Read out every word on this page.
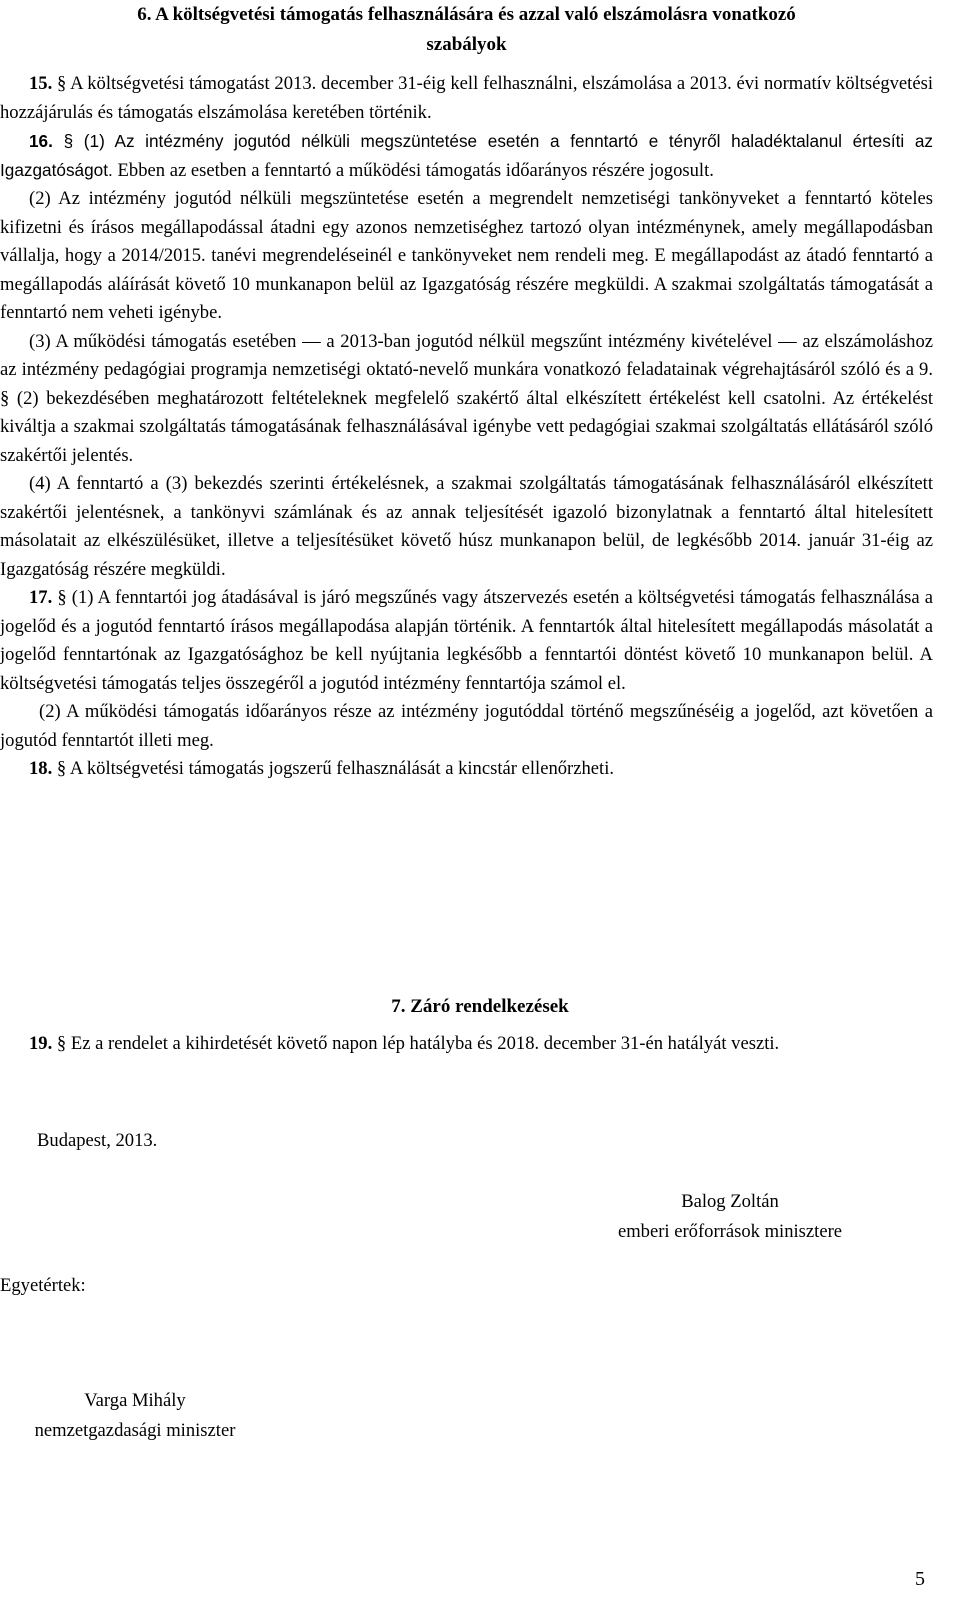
6. A költségvetési támogatás felhasználására és azzal való elszámolásra vonatkozó
szabályok

15. § A költségvetési támogatást 2013. december 31-éig kell felhasználni, elszámolása a 2013. évi normatív költségvetési hozzájárulás és támogatás elszámolása keretében történik.

16. § (1) Az intézmény jogutód nélküli megszüntetése esetén a fenntartó e tényről haladéktalanul értesíti az Igazgatóságot. Ebben az esetben a fenntartó a működési támogatás időarányos részére jogosult.

(2) Az intézmény jogutód nélküli megszüntetése esetén a megrendelt nemzetiségi tankönyveket a fenntartó köteles kifizetni és írásos megállapodással átadni egy azonos nemzetiséghez tartozó olyan intézménynek, amely megállapodásban vállalja, hogy a 2014/2015. tanévi megrendeléseinél e tankönyveket nem rendeli meg. E megállapodást az átadó fenntartó a megállapodás aláírását követő 10 munkanapon belül az Igazgatóság részére megküldi. A szakmai szolgáltatás támogatását a fenntartó nem veheti igénybe.

(3) A működési támogatás esetében — a 2013-ban jogutód nélkül megszűnt intézmény kivételével — az elszámoláshoz az intézmény pedagógiai programja nemzetiségi oktató-nevelő munkára vonatkozó feladatainak végrehajtásáról szóló és a 9. § (2) bekezdésében meghatározott feltételeknek megfelelő szakértő által elkészített értékelést kell csatolni. Az értékelést kiváltja a szakmai szolgáltatás támogatásának felhasználásával igénybe vett pedagógiai szakmai szolgáltatás ellátásáról szóló szakértői jelentés.

(4) A fenntartó a (3) bekezdés szerinti értékelésnek, a szakmai szolgáltatás támogatásának felhasználásáról elkészített szakértői jelentésnek, a tankönyvi számlának és az annak teljesítését igazoló bizonylatnak a fenntartó által hitelesített másolatait az elkészülésüket, illetve a teljesítésüket követő húsz munkanapon belül, de legkésőbb 2014. január 31-éig az Igazgatóság részére megküldi.

17. § (1) A fenntartói jog átadásával is járó megszűnés vagy átszervezés esetén a költségvetési támogatás felhasználása a jogelőd és a jogutód fenntartó írásos megállapodása alapján történik. A fenntartók által hitelesített megállapodás másolatát a jogelőd fenntartónak az Igazgatósághoz be kell nyújtania legkésőbb a fenntartói döntést követő 10 munkanapon belül. A költségvetési támogatás teljes összegéről a jogutód intézmény fenntartója számol el.

(2) A működési támogatás időarányos része az intézmény jogutóddal történő megszűnéséig a jogelőd, azt követően a jogutód fenntartót illeti meg.

18. § A költségvetési támogatás jogszerű felhasználását a kincstár ellenőrzheti.

7. Záró rendelkezések

19. § Ez a rendelet a kihirdetését követő napon lép hatályba és 2018. december 31-én hatályát veszti.

Budapest, 2013.
Balog Zoltán
emberi erőforrások minisztere
Egyetértek:
Varga Mihály
nemzetgazdasági miniszter
5
